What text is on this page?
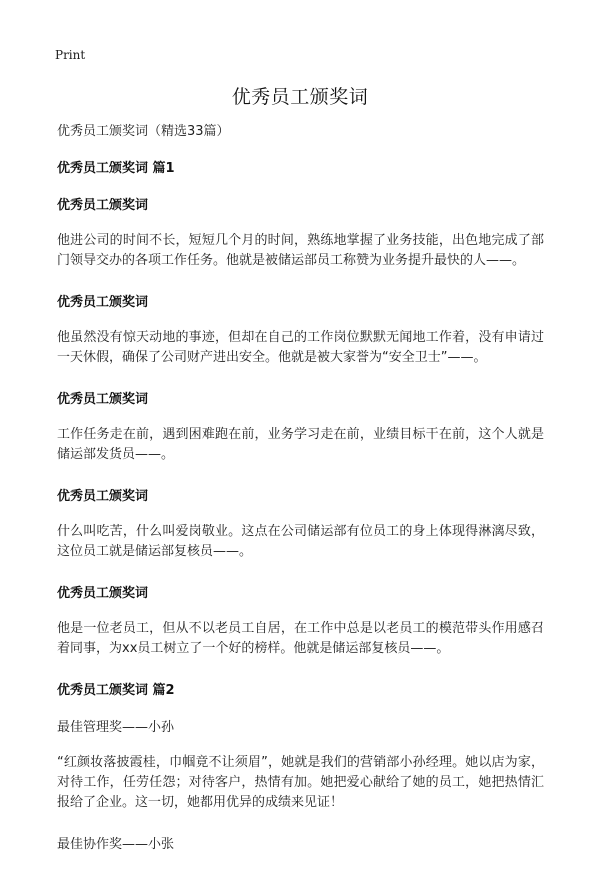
Print
优秀员工颁奖词
优秀员工颁奖词（精选33篇）
优秀员工颁奖词 篇1
优秀员工颁奖词
他进公司的时间不长，短短几个月的时间，熟练地掌握了业务技能，出色地完成了部门领导交办的各项工作任务。他就是被储运部员工称赞为业务提升最快的人——。
优秀员工颁奖词
他虽然没有惊天动地的事迹，但却在自己的工作岗位默默无闻地工作着，没有申请过一天休假，确保了公司财产进出安全。他就是被大家誉为“安全卫士”——。
优秀员工颁奖词
工作任务走在前，遇到困难跑在前，业务学习走在前，业绩目标干在前，这个人就是储运部发货员——。
优秀员工颁奖词
什么叫吃苦，什么叫爱岗敬业。这点在公司储运部有位员工的身上体现得淋漓尽致，这位员工就是储运部复核员——。
优秀员工颁奖词
他是一位老员工，但从不以老员工自居，在工作中总是以老员工的模范带头作用感召着同事，为xx员工树立了一个好的榜样。他就是储运部复核员——。
优秀员工颁奖词 篇2
最佳管理奖——小孙
“红颜妆落披霞桂，巾帼竟不让须眉”，她就是我们的营销部小孙经理。她以店为家，对待工作，任劳任怨；对待客户，热情有加。她把爱心献给了她的员工，她把热情汇报给了企业。这一切，她都用优异的成绩来见证！
最佳协作奖——小张
